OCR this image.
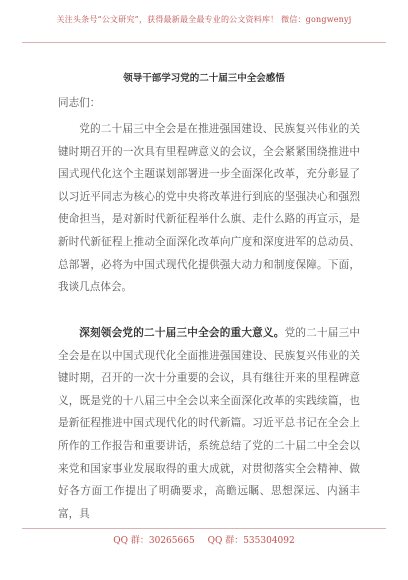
关注头条号“公文研究”，获得最新最全最专业的公文资料库！ 微信：gongwenyj
领导干部学习党的二十届三中全会感悟
同志们：

党的二十届三中全会是在推进强国建设、民族复兴伟业的关键时期召开的一次具有里程碑意义的会议，全会紧紧围绕推进中国式现代化这个主题谋划部署进一步全面深化改革，充分彰显了以习近平同志为核心的党中央将改革进行到底的坚强决心和强烈使命担当，是对新时代新征程举什么旗、走什么路的再宣示，是新时代新征程上推动全面深化改革向广度和深度进军的总动员、总部署，必将为中国式现代化提供强大动力和制度保障。下面，我谈几点体会。

深刻领会党的二十届三中全会的重大意义。党的二十届三中全会是在以中国式现代化全面推进强国建设、民族复兴伟业的关键时期，召开的一次十分重要的会议，具有继往开来的里程碑意义，既是党的十八届三中全会以来全面深化改革的实践续篇，也是新征程推进中国式现代化的时代新篇。习近平总书记在全会上所作的工作报告和重要讲话，系统总结了党的二十届二中全会以来党和国家事业发展取得的重大成就，对贯彻落实全会精神、做好各方面工作提出了明确要求，高瞻远瞩、思想深远、内涵丰富，具

QQ 群：30265665 QQ 群：535304092
